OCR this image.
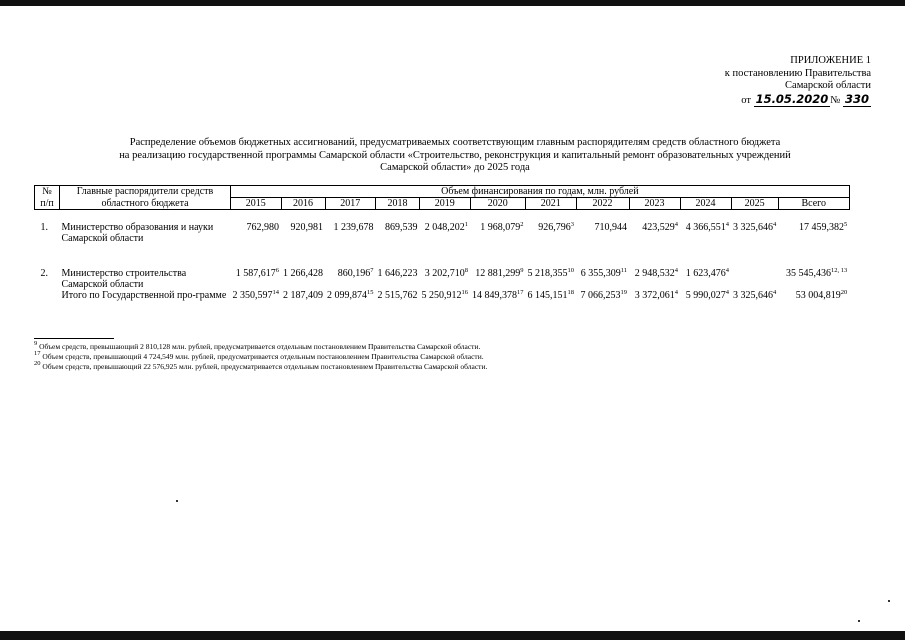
ПРИЛОЖЕНИЕ 1
к постановлению Правительства
Самарской области
от 15.05.2020 № 330
Распределение объемов бюджетных ассигнований, предусматриваемых соответствующим главным распорядителям средств областного бюджета
на реализацию государственной программы Самарской области «Строительство, реконструкция и капитальный ремонт образовательных учреждений
Самарской области» до 2025 года
№	Главные распорядители средств	Объем финансирования по годам, млн. рублей											
п/п	областного бюджета	2015	2016	2017	2018	2019	2020	2021	2022	2023	2024	2025	Всего

1.	Министерство образования и науки Самарской области	762,980	920,981	1 239,678	869,539	2 048,202$^1$	1 968,079$^2$	926,796$^3$	710,944	423,529$^4$	4 366,551$^4$	3 325,646$^4$	17 459,382$^5$

2.	Министерство строительства Самарской области	1 587,617$^6$	1 266,428	860,196$^7$	1 646,223	3 202,710$^8$	12 881,299$^9$	5 218,355$^{10}$	6 355,309$^{11}$	2 948,532$^4$	1 623,476$^4$		35 545,436$^{12, 13}$
	Итого по Государственной про-грамме	2 350,597$^{14}$	2 187,409	2 099,874$^{15}$	2 515,762	5 250,912$^{16}$	14 849,378$^{17}$	6 145,151$^{18}$	7 066,253$^{19}$	3 372,061$^4$	5 990,027$^4$	3 325,646$^4$	53 004,819$^{20}$
$^9$ Объем средств, превышающий 2 810,128 млн. рублей, предусматривается отдельным постановлением Правительства Самарской области.
$^{17}$ Объем средств, превышающий 4 724,549 млн. рублей, предусматривается отдельным постановлением Правительства Самарской области.
$^{20}$ Объем средств, превышающий 22 576,925 млн. рублей, предусматривается отдельным постановлением Правительства Самарской области.
